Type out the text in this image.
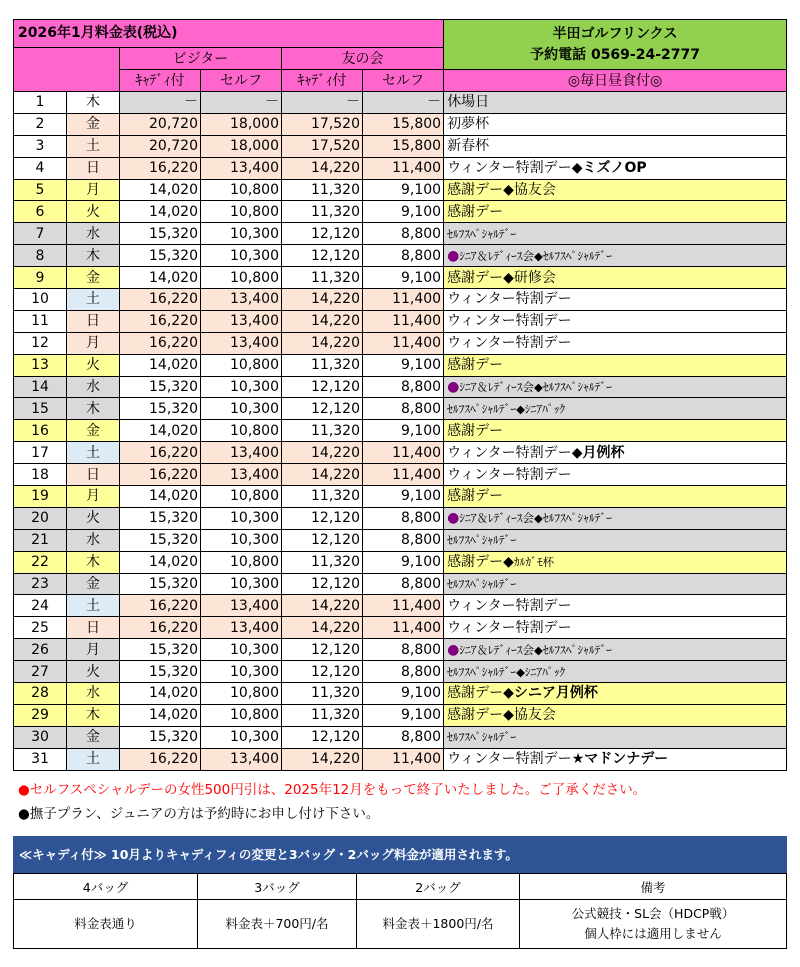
2026年1月料金表(税込)						半田ゴルフリンクス
予約電話 0569-24-2777

		ビジター		友の会		
		ｷｬﾃﾞｨ付	セルフ	ｷｬﾃﾞｨ付	セルフ	◎毎日昼食付◎
1	木	－	－	－	－	休場日
2	金	20,720	18,000	17,520	15,800	初夢杯
3	土	20,720	18,000	17,520	15,800	新春杯
4	日	16,220	13,400	14,220	11,400	ウィンター特割デー◆ミズノOP
5	月	14,020	10,800	11,320	9,100	感謝デー◆協友会
6	火	14,020	10,800	11,320	9,100	感謝デー
7	水	15,320	10,300	12,120	8,800	ｾﾙﾌｽﾍﾟｼｬﾙﾃﾞｰ
8	木	15,320	10,300	12,120	8,800	●ｼﾆｱ＆ﾚﾃﾞｨｰｽ会◆ｾﾙﾌｽﾍﾟｼｬﾙﾃﾞｰ
9	金	14,020	10,800	11,320	9,100	感謝デー◆研修会
10	土	16,220	13,400	14,220	11,400	ウィンター特割デー
11	日	16,220	13,400	14,220	11,400	ウィンター特割デー
12	月	16,220	13,400	14,220	11,400	ウィンター特割デー
13	火	14,020	10,800	11,320	9,100	感謝デー
14	水	15,320	10,300	12,120	8,800	●ｼﾆｱ＆ﾚﾃﾞｨｰｽ会◆ｾﾙﾌｽﾍﾟｼｬﾙﾃﾞｰ
15	木	15,320	10,300	12,120	8,800	ｾﾙﾌｽﾍﾟｼｬﾙﾃﾞｰ◆ｼﾆｱﾊﾟｯｸ
16	金	14,020	10,800	11,320	9,100	感謝デー
17	土	16,220	13,400	14,220	11,400	ウィンター特割デー◆月例杯
18	日	16,220	13,400	14,220	11,400	ウィンター特割デー
19	月	14,020	10,800	11,320	9,100	感謝デー
20	火	15,320	10,300	12,120	8,800	●ｼﾆｱ＆ﾚﾃﾞｨｰｽ会◆ｾﾙﾌｽﾍﾟｼｬﾙﾃﾞｰ
21	水	15,320	10,300	12,120	8,800	ｾﾙﾌｽﾍﾟｼｬﾙﾃﾞｰ
22	木	14,020	10,800	11,320	9,100	感謝デー◆ｶﾙｶﾞﾓ杯
23	金	15,320	10,300	12,120	8,800	ｾﾙﾌｽﾍﾟｼｬﾙﾃﾞｰ
24	土	16,220	13,400	14,220	11,400	ウィンター特割デー
25	日	16,220	13,400	14,220	11,400	ウィンター特割デー
26	月	15,320	10,300	12,120	8,800	●ｼﾆｱ＆ﾚﾃﾞｨｰｽ会◆ｾﾙﾌｽﾍﾟｼｬﾙﾃﾞｰ
27	火	15,320	10,300	12,120	8,800	ｾﾙﾌｽﾍﾟｼｬﾙﾃﾞｰ◆ｼﾆｱﾊﾟｯｸ
28	水	14,020	10,800	11,320	9,100	感謝デー◆シニア月例杯
29	木	14,020	10,800	11,320	9,100	感謝デー◆協友会
30	金	15,320	10,300	12,120	8,800	ｾﾙﾌｽﾍﾟｼｬﾙﾃﾞｰ
31	土	16,220	13,400	14,220	11,400	ウィンター特割デー★マドンナデー
●セルフスペシャルデーの女性500円引は、2025年12月をもって終了いたしました。ご了承ください。
●撫子プラン、ジュニアの方は予約時にお申し付け下さい。
≪キャディ付≫ 10月よりキャディフィの変更と3バッグ・2バッグ料金が適用されます。
4バッグ	3バッグ	2バッグ	備考
料金表通り	料金表＋700円/名	料金表＋1800円/名	公式競技・SL会（HDCP戦）
個人枠には適用しません
